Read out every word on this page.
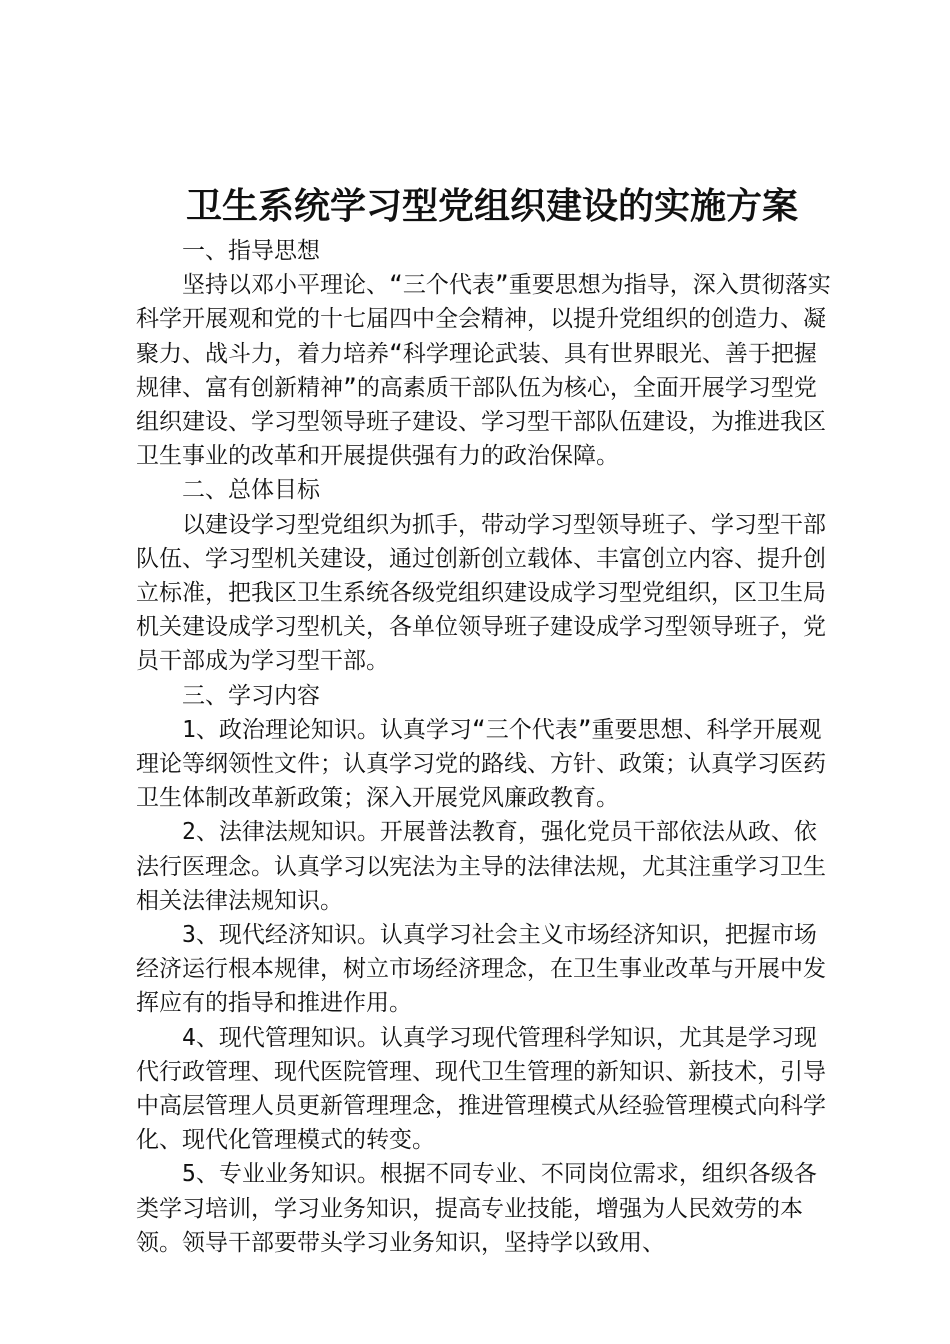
卫生系统学习型党组织建设的实施方案

一、指导思想

坚持以邓小平理论、“三个代表”重要思想为指导，深入贯彻落实科学开展观和党的十七届四中全会精神，以提升党组织的创造力、凝聚力、战斗力，着力培养“科学理论武装、具有世界眼光、善于把握规律、富有创新精神”的高素质干部队伍为核心，全面开展学习型党组织建设、学习型领导班子建设、学习型干部队伍建设，为推进我区卫生事业的改革和开展提供强有力的政治保障。

二、总体目标

以建设学习型党组织为抓手，带动学习型领导班子、学习型干部队伍、学习型机关建设，通过创新创立载体、丰富创立内容、提升创立标准，把我区卫生系统各级党组织建设成学习型党组织，区卫生局机关建设成学习型机关，各单位领导班子建设成学习型领导班子，党员干部成为学习型干部。

三、学习内容

1、政治理论知识。认真学习“三个代表”重要思想、科学开展观理论等纲领性文件；认真学习党的路线、方针、政策；认真学习医药卫生体制改革新政策；深入开展党风廉政教育。

2、法律法规知识。开展普法教育，强化党员干部依法从政、依法行医理念。认真学习以宪法为主导的法律法规，尤其注重学习卫生相关法律法规知识。

3、现代经济知识。认真学习社会主义市场经济知识，把握市场经济运行根本规律，树立市场经济理念，在卫生事业改革与开展中发挥应有的指导和推进作用。

4、现代管理知识。认真学习现代管理科学知识，尤其是学习现代行政管理、现代医院管理、现代卫生管理的新知识、新技术，引导中高层管理人员更新管理理念，推进管理模式从经验管理模式向科学化、现代化管理模式的转变。

5、专业业务知识。根据不同专业、不同岗位需求，组织各级各类学习培训，学习业务知识，提高专业技能，增强为人民效劳的本领。领导干部要带头学习业务知识，坚持学以致用、
